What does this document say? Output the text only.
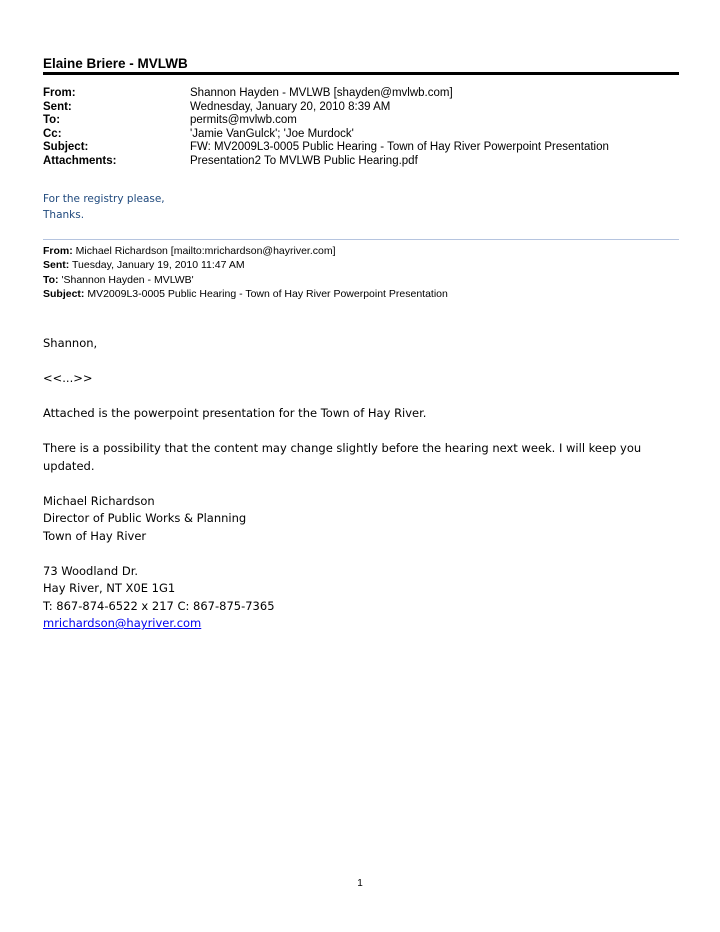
Elaine Briere - MVLWB
From:	Shannon Hayden - MVLWB [shayden@mvlwb.com]
Sent:	Wednesday, January 20, 2010 8:39 AM
To:	permits@mvlwb.com
Cc:	'Jamie VanGulck'; 'Joe Murdock'
Subject:	FW: MV2009L3-0005 Public Hearing - Town of Hay River Powerpoint Presentation
Attachments:	Presentation2 To MVLWB Public Hearing.pdf
For the registry please,
Thanks.
From: Michael Richardson [mailto:mrichardson@hayriver.com]
Sent: Tuesday, January 19, 2010 11:47 AM
To: 'Shannon Hayden - MVLWB'
Subject: MV2009L3-0005 Public Hearing - Town of Hay River Powerpoint Presentation

Shannon,

<<...>>

Attached is the powerpoint presentation for the Town of Hay River.

There is a possibility that the content may change slightly before the hearing next week. I will keep you updated.

Michael Richardson

Director of Public Works & Planning

Town of Hay River

73 Woodland Dr.

Hay River, NT X0E 1G1

T: 867-874-6522 x 217 C: 867-875-7365

mrichardson@hayriver.com

1
